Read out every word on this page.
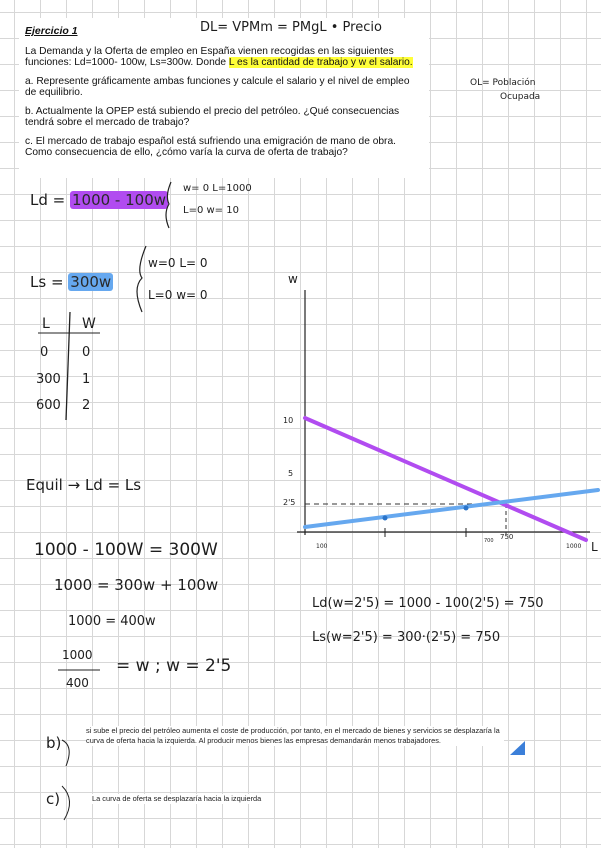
Ejercicio 1

La Demanda y la Oferta de empleo en España vienen recogidas en las siguientes funciones: Ld=1000- 100w, Ls=300w. Donde L es la cantidad de trabajo y w el salario.

a. Represente gráficamente ambas funciones y calcule el salario y el nivel de empleo de equilibrio.

b. Actualmente la OPEP está subiendo el precio del petróleo. ¿Qué consecuencias tendrá sobre el mercado de trabajo?

c. El mercado de trabajo español está sufriendo una emigración de mano de obra. Como consecuencia de ello, ¿cómo varía la curva de oferta de trabajo?

DL= VPMm = PMgL • Precio
OL= Población
Ocupada
Ld = 1000 - 100w
w= 0 L=1000
L=0 w= 10
Ls = 300w
w=0 L= 0
L=0 w= 0
L W
0	0
300 1
600 2
Equil → Ld = Ls
1000 - 100W = 300W
1000 = 300w + 100w
1000 = 400w
1000
400
= w ; w = 2'5
Ld(w=2'5) = 1000 - 100(2'5) = 750
Ls(w=2'5) = 300·(2'5) = 750
w
L
10
5
2'5
100
700 750
1000
b)
si sube el precio del petróleo aumenta el coste de producción, por tanto, en el mercado de bienes y servicios se desplazaría la curva de oferta hacia la izquierda. Al producir menos bienes las empresas demandarán menos trabajadores.
c)	La curva de oferta se desplazaría hacia la izquierda
